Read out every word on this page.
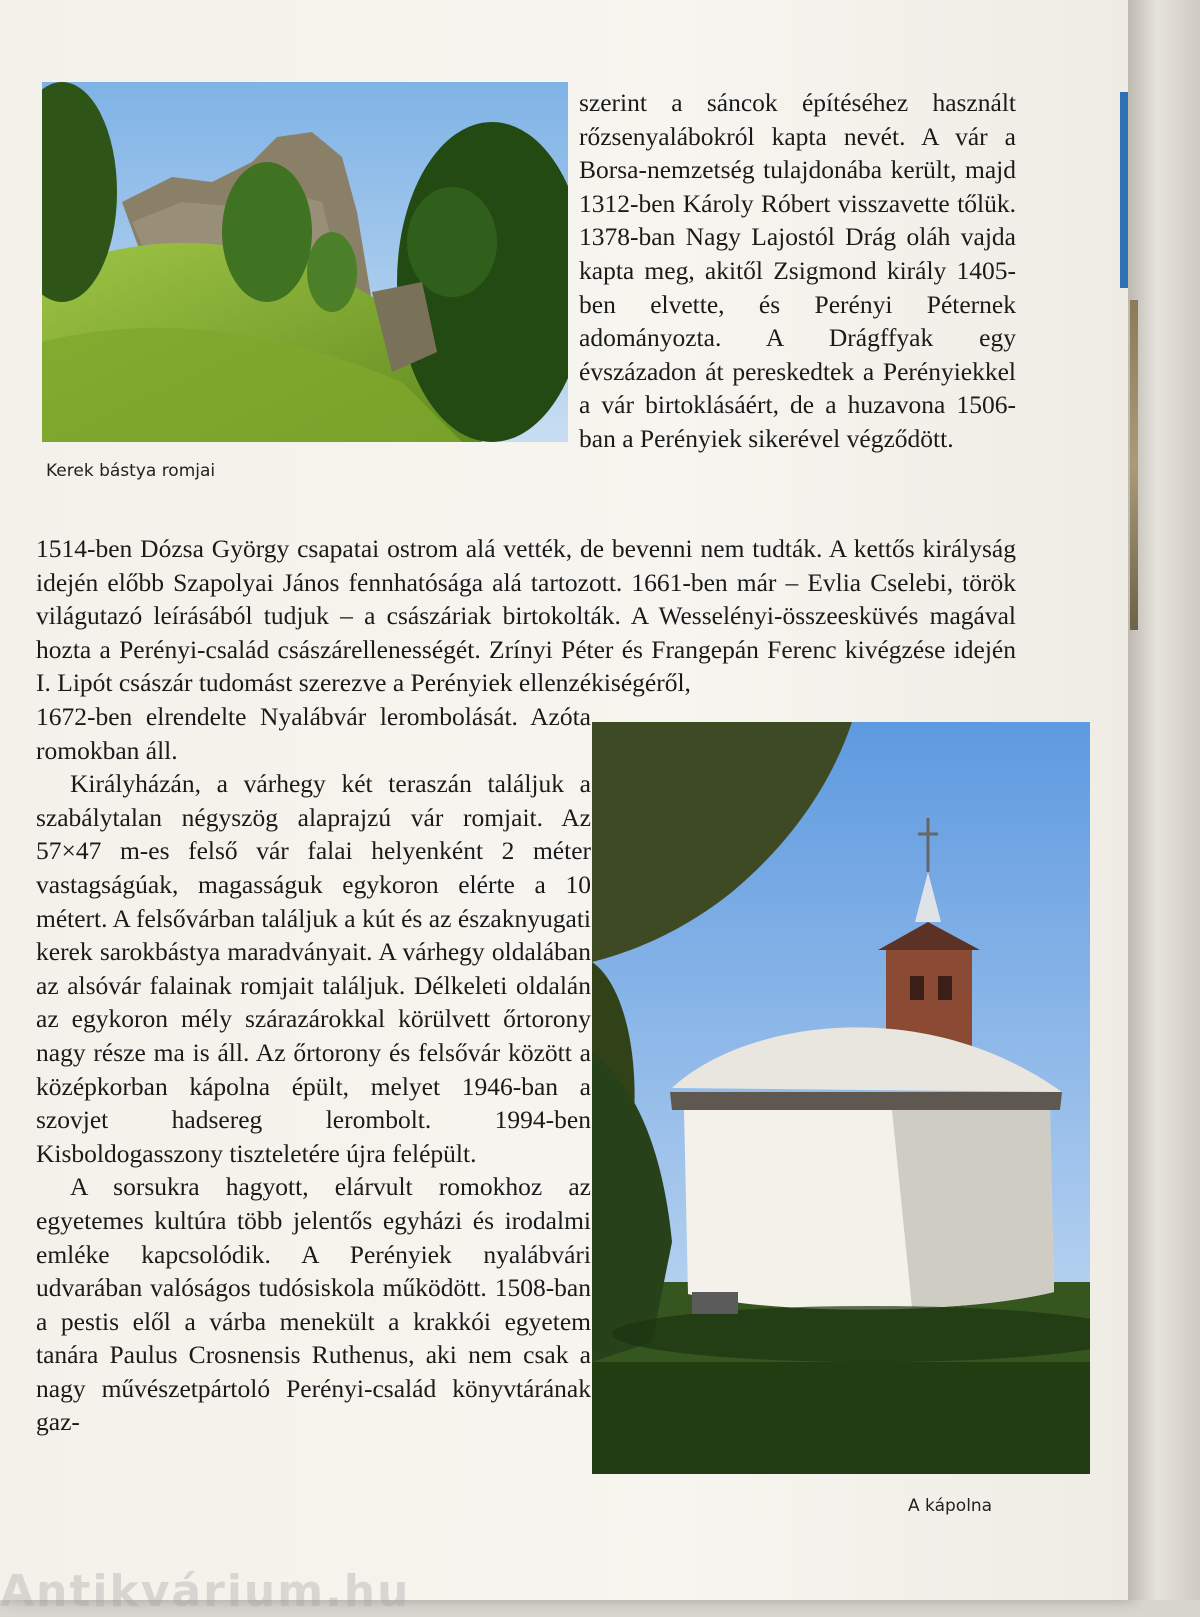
Kerek bástya romjai

szerint a sáncok építéséhez használt rőzsenyalábokról kapta nevét. A vár a Borsa-nemzetség tulajdonába került, majd 1312-ben Károly Róbert visszavette tőlük. 1378-ban Nagy Lajostól Drág oláh vajda kapta meg, akitől Zsigmond király 1405-ben elvette, és Perényi Péternek adományozta. A Drágffyak egy évszázadon át pereskedtek a Perényiekkel a vár birtoklásáért, de a huzavona 1506-ban a Perényiek sikerével végződött.

1514-ben Dózsa György csapatai ostrom alá vették, de bevenni nem tudták. A kettős királyság idején előbb Szapolyai János fennhatósága alá tartozott. 1661-ben már – Evlia Cselebi, török világutazó leírásából tudjuk – a császáriak birtokolták. A Wesselényi-összeesküvés magával hozta a Perényi-család császárellenességét. Zrínyi Péter és Frangepán Ferenc kivégzése idején I. Lipót császár tudomást szerezve a Perényiek ellenzékiségéről,

A kápolna

1672-ben elrendelte Nyalábvár lerombolását. Azóta romokban áll.

Királyházán, a várhegy két teraszán találjuk a szabálytalan négyszög alaprajzú vár romjait. Az 57×47 m-es felső vár falai helyenként 2 méter vastagságúak, magasságuk egykoron elérte a 10 métert. A felsővárban találjuk a kút és az északnyugati kerek sarokbástya maradványait. A várhegy oldalában az alsóvár falainak romjait találjuk. Délkeleti oldalán az egykoron mély szárazárokkal körülvett őrtorony nagy része ma is áll. Az őrtorony és felsővár között a középkorban kápolna épült, melyet 1946-ban a szovjet hadsereg lerombolt. 1994-ben Kisboldogasszony tiszteletére újra felépült.

A sorsukra hagyott, elárvult romokhoz az egyetemes kultúra több jelentős egyházi és irodalmi emléke kapcsolódik. A Perényiek nyalábvári udvarában valóságos tudósiskola működött. 1508-ban a pestis elől a várba menekült a krakkói egyetem tanára Paulus Crosnensis Ruthenus, aki nem csak a nagy művészetpártoló Perényi-család könyvtárának gaz-

Antikvárium.hu
